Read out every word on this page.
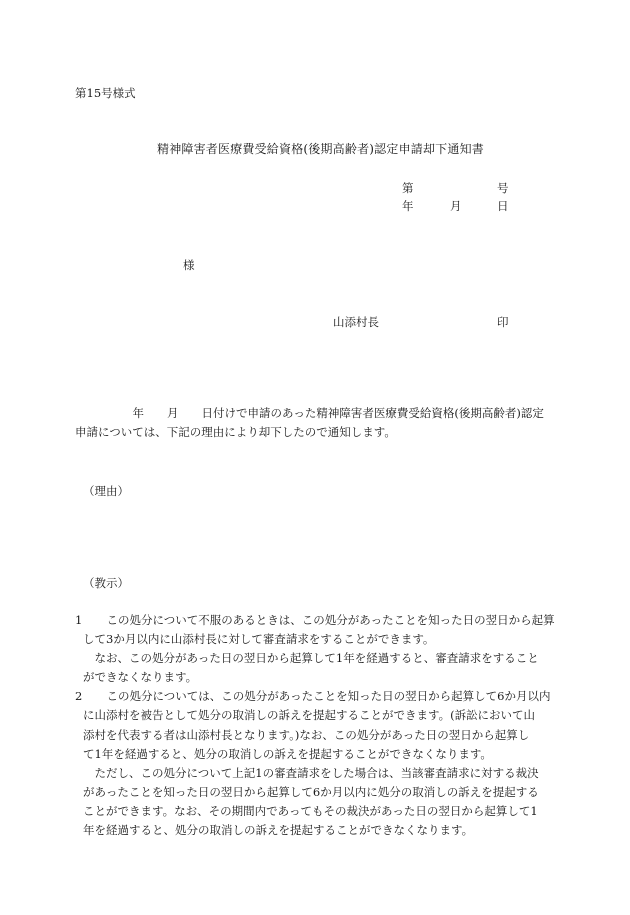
第15号様式
精神障害者医療費受給資格(後期高齢者)認定申請却下通知書
第	号
年	月	日
様
山添村長	印
　　　　　年　　月　　日付けで申請のあった精神障害者医療費受給資格(後期高齢者)認定
申請については、下記の理由により却下したので通知します。
（理由）
（教示）
1　この処分について不服のあるときは、この処分があったことを知った日の翌日から起算
して3か月以内に山添村長に対して審査請求をすることができます。
　なお、この処分があった日の翌日から起算して1年を経過すると、審査請求をすること
ができなくなります。
2　この処分については、この処分があったことを知った日の翌日から起算して6か月以内
に山添村を被告として処分の取消しの訴えを提起することができます。(訴訟において山
添村を代表する者は山添村長となります。)なお、この処分があった日の翌日から起算し
て1年を経過すると、処分の取消しの訴えを提起することができなくなります。
　ただし、この処分について上記1の審査請求をした場合は、当該審査請求に対する裁決
があったことを知った日の翌日から起算して6か月以内に処分の取消しの訴えを提起する
ことができます。なお、その期間内であってもその裁決があった日の翌日から起算して1
年を経過すると、処分の取消しの訴えを提起することができなくなります。
